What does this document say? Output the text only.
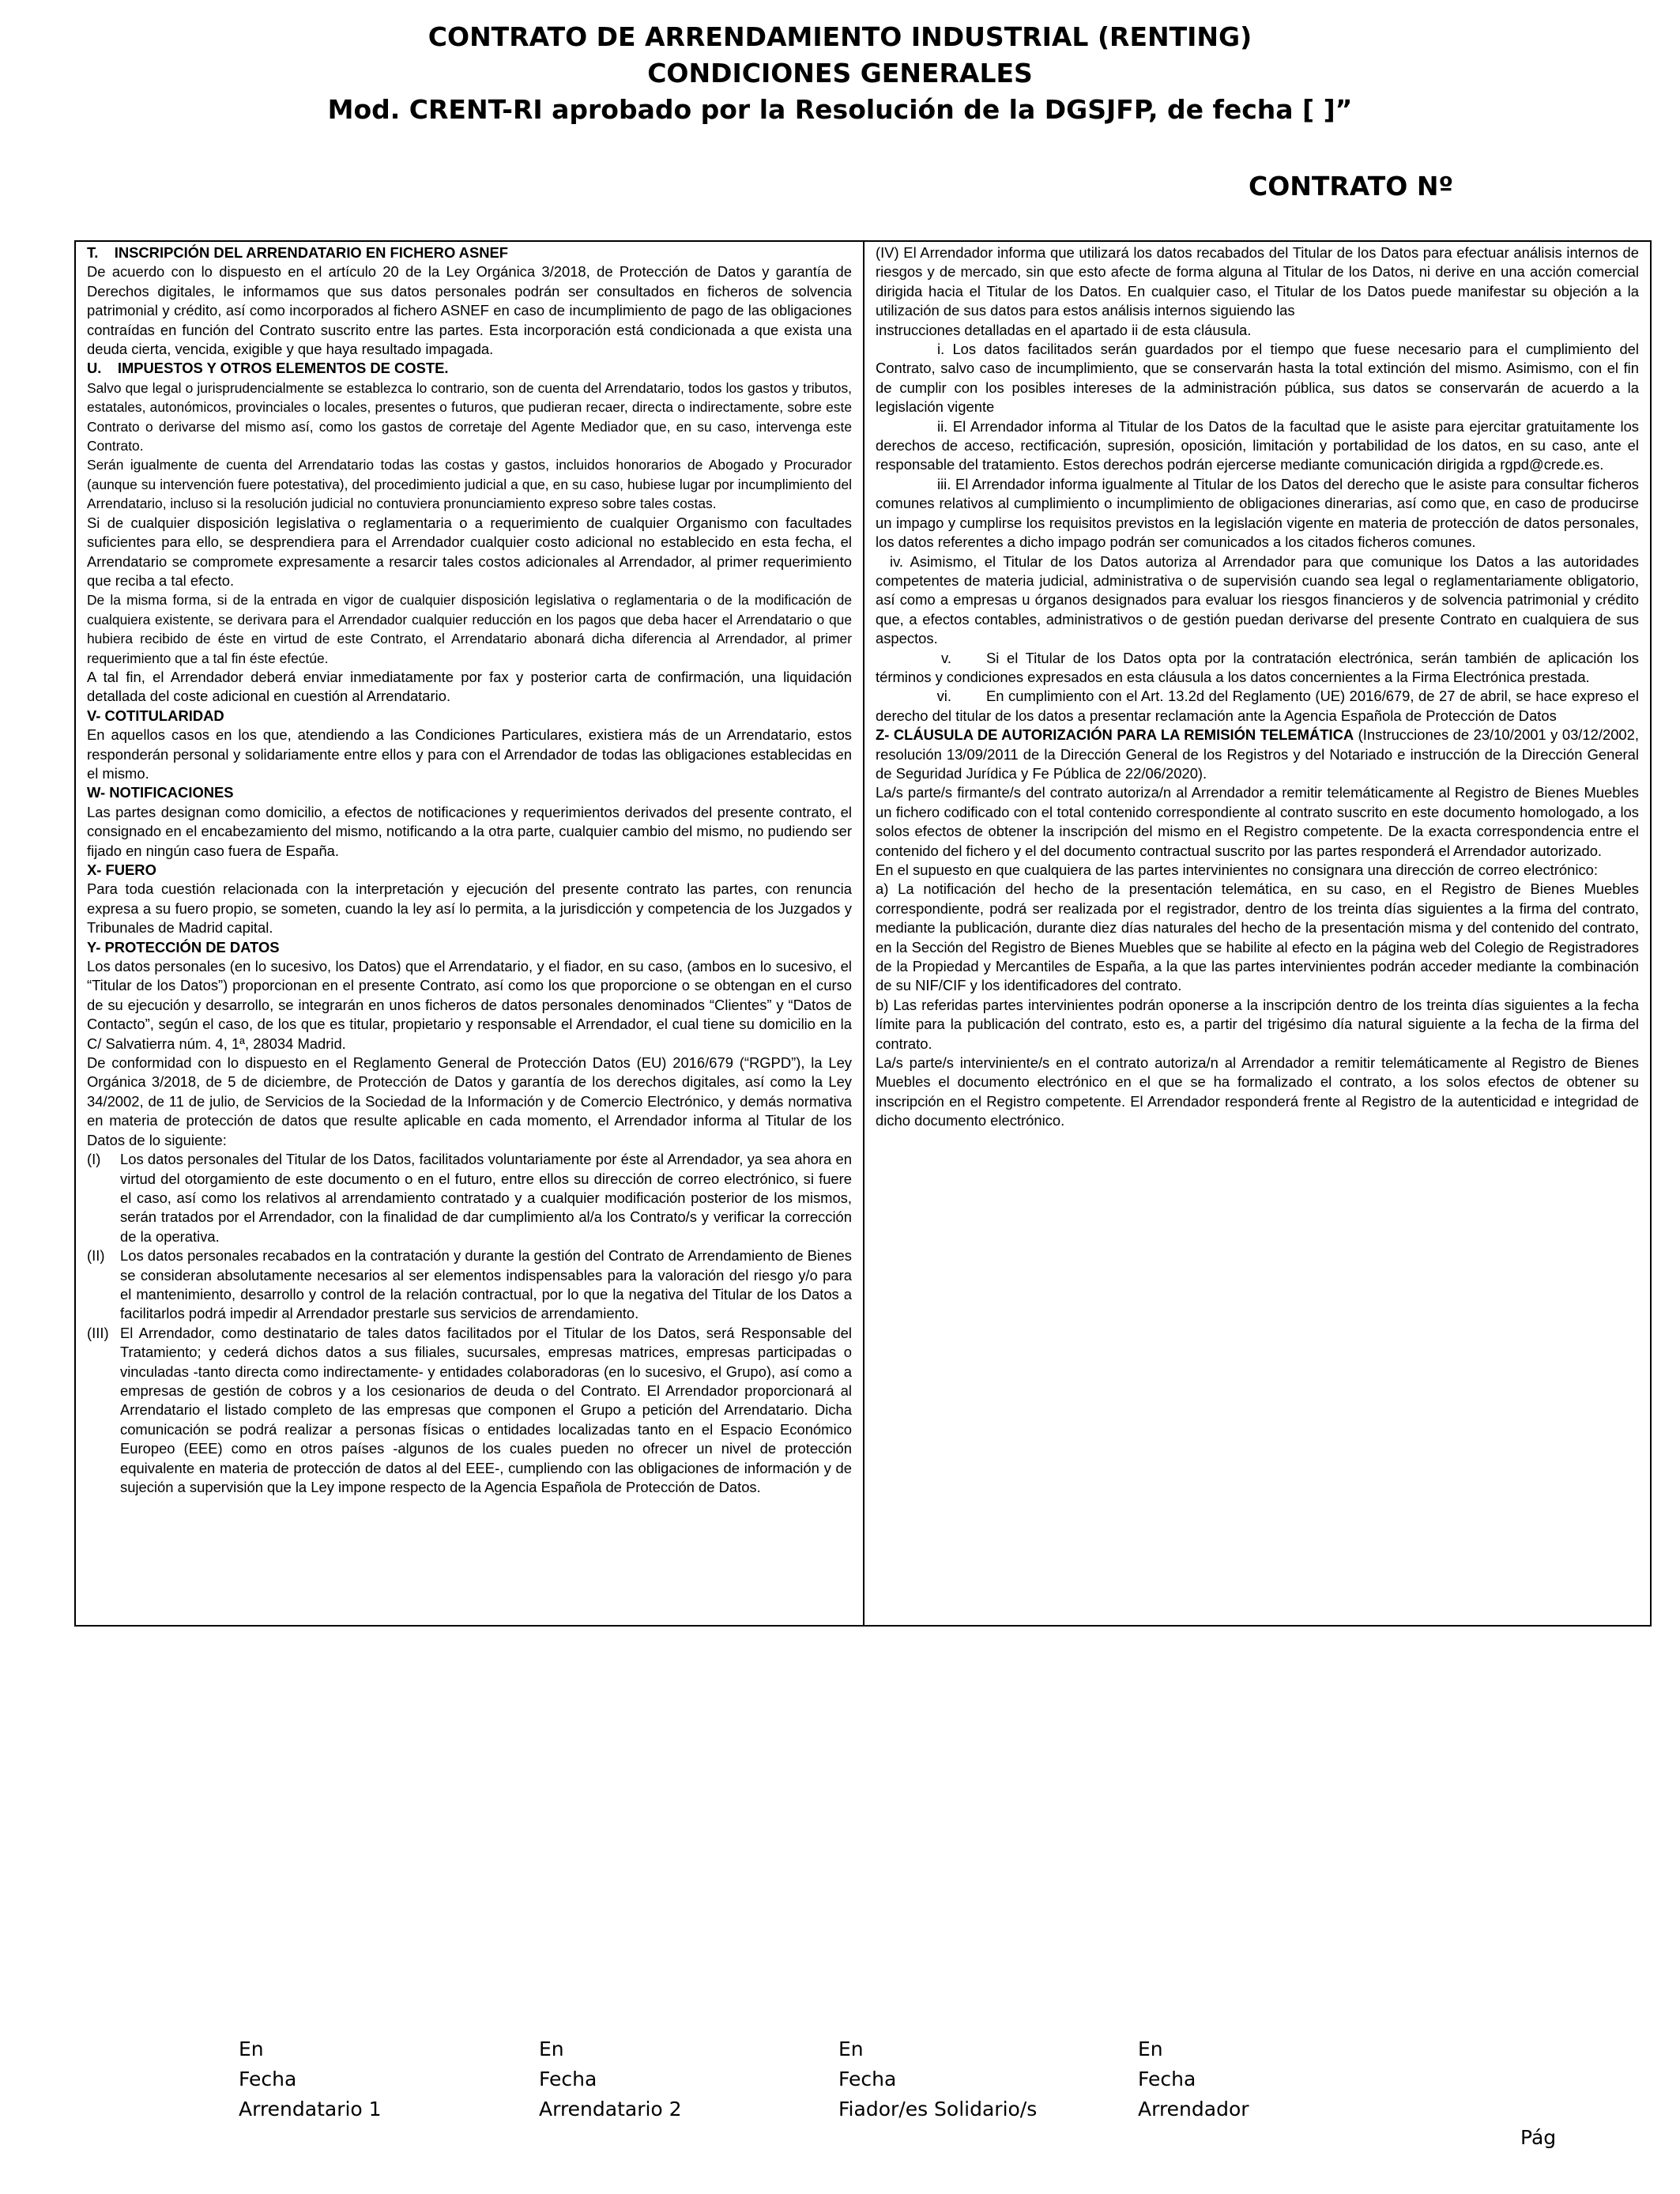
CONTRATO DE ARRENDAMIENTO INDUSTRIAL (RENTING)
CONDICIONES GENERALES
Mod. CRENT-RI aprobado por la Resolución de la DGSJFP, de fecha [ ]”
CONTRATO Nº

T.    INSCRIPCIÓN DEL ARRENDATARIO EN FICHERO ASNEF

De acuerdo con lo dispuesto en el artículo 20 de la Ley Orgánica 3/2018, de Protección de Datos y garantía de Derechos digitales, le informamos que sus datos personales podrán ser consultados en ficheros de solvencia patrimonial y crédito, así como incorporados al fichero ASNEF en caso de incumplimiento de pago de las obligaciones contraídas en función del Contrato suscrito entre las partes. Esta incorporación está condicionada a que exista una deuda cierta, vencida, exigible y que haya resultado impagada.

U.    IMPUESTOS Y OTROS ELEMENTOS DE COSTE.

Salvo que legal o jurisprudencialmente se establezca lo contrario, son de cuenta del Arrendatario, todos los gastos y tributos, estatales, autonómicos, provinciales o locales, presentes o futuros, que pudieran recaer, directa o indirectamente, sobre este Contrato o derivarse del mismo así, como los gastos de corretaje del Agente Mediador que, en su caso, intervenga este Contrato.

Serán igualmente de cuenta del Arrendatario todas las costas y gastos, incluidos honorarios de Abogado y Procurador (aunque su intervención fuere potestativa), del procedimiento judicial a que, en su caso, hubiese lugar por incumplimiento del Arrendatario, incluso si la resolución judicial no contuviera pronunciamiento expreso sobre tales costas.

Si de cualquier disposición legislativa o reglamentaria o a requerimiento de cualquier Organismo con facultades suficientes para ello, se desprendiera para el Arrendador cualquier costo adicional no establecido en esta fecha, el Arrendatario se compromete expresamente a resarcir tales costos adicionales al Arrendador, al primer requerimiento que reciba a tal efecto.

De la misma forma, si de la entrada en vigor de cualquier disposición legislativa o reglamentaria o de la modificación de cualquiera existente, se derivara para el Arrendador cualquier reducción en los pagos que deba hacer el Arrendatario o que hubiera recibido de éste en virtud de este Contrato, el Arrendatario abonará dicha diferencia al Arrendador, al primer requerimiento que a tal fin éste efectúe.

A tal fin, el Arrendador deberá enviar inmediatamente por fax y posterior carta de confirmación, una liquidación detallada del coste adicional en cuestión al Arrendatario.

V- COTITULARIDAD

En aquellos casos en los que, atendiendo a las Condiciones Particulares, existiera más de un Arrendatario, estos responderán personal y solidariamente entre ellos y para con el Arrendador de todas las obligaciones establecidas en el mismo.

W- NOTIFICACIONES

Las partes designan como domicilio, a efectos de notificaciones y requerimientos derivados del presente contrato, el consignado en el encabezamiento del mismo, notificando a la otra parte, cualquier cambio del mismo, no pudiendo ser fijado en ningún caso fuera de España.

X- FUERO

Para toda cuestión relacionada con la interpretación y ejecución del presente contrato las partes, con renuncia expresa a su fuero propio, se someten, cuando la ley así lo permita, a la jurisdicción y competencia de los Juzgados y Tribunales de Madrid capital.

Y- PROTECCIÓN DE DATOS

Los datos personales (en lo sucesivo, los Datos) que el Arrendatario, y el fiador, en su caso, (ambos en lo sucesivo, el “Titular de los Datos”) proporcionan en el presente Contrato, así como los que proporcione o se obtengan en el curso de su ejecución y desarrollo, se integrarán en unos ficheros de datos personales denominados “Clientes” y “Datos de Contacto”, según el caso, de los que es titular, propietario y responsable el Arrendador, el cual tiene su domicilio en la C/ Salvatierra núm. 4, 1ª, 28034 Madrid.

De conformidad con lo dispuesto en el Reglamento General de Protección Datos (EU) 2016/679 (“RGPD”), la Ley Orgánica 3/2018, de 5 de diciembre, de Protección de Datos y garantía de los derechos digitales, así como la Ley 34/2002, de 11 de julio, de Servicios de la Sociedad de la Información y de Comercio Electrónico, y demás normativa en materia de protección de datos que resulte aplicable en cada momento, el Arrendador informa al Titular de los Datos de lo siguiente:

(I)	Los datos personales del Titular de los Datos, facilitados voluntariamente por éste al Arrendador, ya sea ahora en virtud del otorgamiento de este documento o en el futuro, entre ellos su dirección de correo electrónico, si fuere el caso, así como los relativos al arrendamiento contratado y a cualquier modificación posterior de los mismos, serán tratados por el Arrendador, con la finalidad de dar cumplimiento al/a los Contrato/s y verificar la corrección de la operativa.
(II)	Los datos personales recabados en la contratación y durante la gestión del Contrato de Arrendamiento de Bienes se consideran absolutamente necesarios al ser elementos indispensables para la valoración del riesgo y/o para el mantenimiento, desarrollo y control de la relación contractual, por lo que la negativa del Titular de los Datos a facilitarlos podrá impedir al Arrendador prestarle sus servicios de arrendamiento.
(III) El Arrendador, como destinatario de tales datos facilitados por el Titular de los Datos, será Responsable del Tratamiento; y cederá dichos datos a sus filiales, sucursales, empresas matrices, empresas participadas o vinculadas -tanto directa como indirectamente- y entidades colaboradoras (en lo sucesivo, el Grupo), así como a empresas de gestión de cobros y a los cesionarios de deuda o del Contrato. El Arrendador proporcionará al Arrendatario el listado completo de las empresas que componen el Grupo a petición del Arrendatario. Dicha comunicación se podrá realizar a personas físicas o entidades localizadas tanto en el Espacio Económico Europeo (EEE) como en otros países -algunos de los cuales pueden no ofrecer un nivel de protección equivalente en materia de protección de datos al del EEE-, cumpliendo con las obligaciones de información y de sujeción a supervisión que la Ley impone respecto de la Agencia Española de Protección de Datos.

(IV) El Arrendador informa que utilizará los datos recabados del Titular de los Datos para efectuar análisis internos de riesgos y de mercado, sin que esto afecte de forma alguna al Titular de los Datos, ni derive en una acción comercial dirigida hacia el Titular de los Datos. En cualquier caso, el Titular de los Datos puede manifestar su objeción a la utilización de sus datos para estos análisis internos siguiendo las

instrucciones detalladas en el apartado ii de esta cláusula.

i. Los datos facilitados serán guardados por el tiempo que fuese necesario para el cumplimiento del Contrato, salvo caso de incumplimiento, que se conservarán hasta la total extinción del mismo. Asimismo, con el fin de cumplir con los posibles intereses de la administración pública, sus datos se conservarán de acuerdo a la legislación vigente

ii. El Arrendador informa al Titular de los Datos de la facultad que le asiste para ejercitar gratuitamente los derechos de acceso, rectificación, supresión, oposición, limitación y portabilidad de los datos, en su caso, ante el responsable del tratamiento. Estos derechos podrán ejercerse mediante comunicación dirigida a rgpd@crede.es.

iii. El Arrendador informa igualmente al Titular de los Datos del derecho que le asiste para consultar ficheros comunes relativos al cumplimiento o incumplimiento de obligaciones dinerarias, así como que, en caso de producirse un impago y cumplirse los requisitos previstos en la legislación vigente en materia de protección de datos personales, los datos referentes a dicho impago podrán ser comunicados a los citados ficheros comunes.

iv. Asimismo, el Titular de los Datos autoriza al Arrendador para que comunique los Datos a las autoridades competentes de materia judicial, administrativa o de supervisión cuando sea legal o reglamentariamente obligatorio, así como a empresas u órganos designados para evaluar los riesgos financieros y de solvencia patrimonial y crédito que, a efectos contables, administrativos o de gestión puedan derivarse del presente Contrato en cualquiera de sus aspectos.

v. Si el Titular de los Datos opta por la contratación electrónica, serán también de aplicación los términos y condiciones expresados en esta cláusula a los datos concernientes a la Firma Electrónica prestada.

vi. En cumplimiento con el Art. 13.2d del Reglamento (UE) 2016/679, de 27 de abril, se hace expreso el derecho del titular de los datos a presentar reclamación ante la Agencia Española de Protección de Datos

Z- CLÁUSULA DE AUTORIZACIÓN PARA LA REMISIÓN TELEMÁTICA (Instrucciones de 23/10/2001 y 03/12/2002, resolución 13/09/2011 de la Dirección General de los Registros y del Notariado e instrucción de la Dirección General de Seguridad Jurídica y Fe Pública de 22/06/2020).

La/s parte/s firmante/s del contrato autoriza/n al Arrendador a remitir telemáticamente al Registro de Bienes Muebles un fichero codificado con el total contenido correspondiente al contrato suscrito en este documento homologado, a los solos efectos de obtener la inscripción del mismo en el Registro competente. De la exacta correspondencia entre el contenido del fichero y el del documento contractual suscrito por las partes responderá el Arrendador autorizado.

En el supuesto en que cualquiera de las partes intervinientes no consignara una dirección de correo electrónico:

a) La notificación del hecho de la presentación telemática, en su caso, en el Registro de Bienes Muebles correspondiente, podrá ser realizada por el registrador, dentro de los treinta días siguientes a la firma del contrato, mediante la publicación, durante diez días naturales del hecho de la presentación misma y del contenido del contrato, en la Sección del Registro de Bienes Muebles que se habilite al efecto en la página web del Colegio de Registradores de la Propiedad y Mercantiles de España, a la que las partes intervinientes podrán acceder mediante la combinación de su NIF/CIF y los identificadores del contrato.

b) Las referidas partes intervinientes podrán oponerse a la inscripción dentro de los treinta días siguientes a la fecha límite para la publicación del contrato, esto es, a partir del trigésimo día natural siguiente a la fecha de la firma del contrato.

La/s parte/s interviniente/s en el contrato autoriza/n al Arrendador a remitir telemáticamente al Registro de Bienes Muebles el documento electrónico en el que se ha formalizado el contrato, a los solos efectos de obtener su inscripción en el Registro competente. El Arrendador responderá frente al Registro de la autenticidad e integridad de dicho documento electrónico.

En
Fecha
Arrendatario 1
En
Fecha
Arrendatario 2
En
Fecha
Fiador/es Solidario/s
En
Fecha
Arrendador
Pág
